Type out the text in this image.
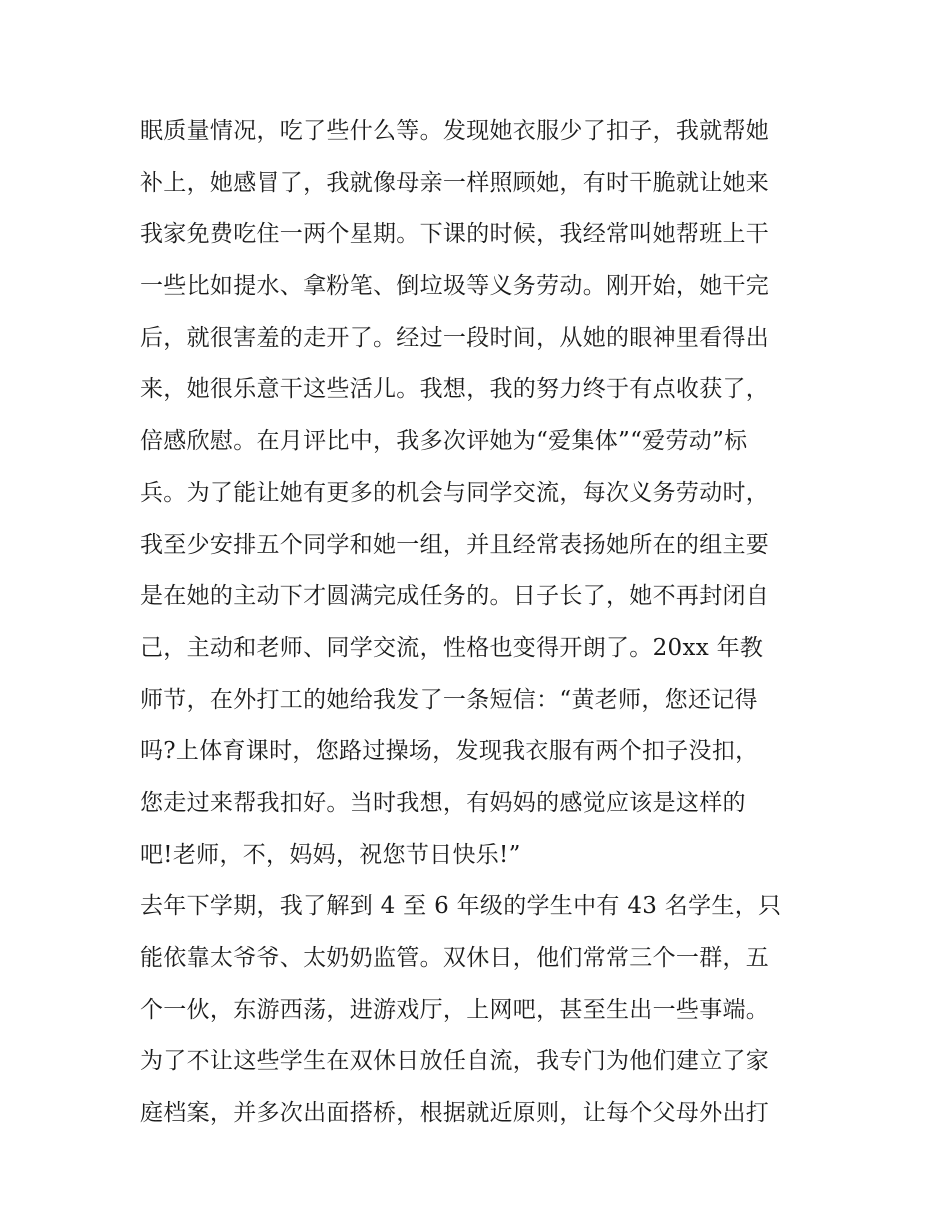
眠质量情况，吃了些什么等。发现她衣服少了扣子，我就帮她
补上，她感冒了，我就像母亲一样照顾她，有时干脆就让她来
我家免费吃住一两个星期。下课的时候，我经常叫她帮班上干
一些比如提水、拿粉笔、倒垃圾等义务劳动。刚开始，她干完
后，就很害羞的走开了。经过一段时间，从她的眼神里看得出
来，她很乐意干这些活儿。我想，我的努力终于有点收获了，
倍感欣慰。在月评比中，我多次评她为“爱集体”“爱劳动”标
兵。为了能让她有更多的机会与同学交流，每次义务劳动时，
我至少安排五个同学和她一组，并且经常表扬她所在的组主要
是在她的主动下才圆满完成任务的。日子长了，她不再封闭自
己，主动和老师、同学交流，性格也变得开朗了。20xx 年教
师节，在外打工的她给我发了一条短信：“黄老师，您还记得
吗?上体育课时，您路过操场，发现我衣服有两个扣子没扣，
您走过来帮我扣好。当时我想，有妈妈的感觉应该是这样的
吧!老师，不，妈妈，祝您节日快乐!”
去年下学期，我了解到 4 至 6 年级的学生中有 43 名学生，只
能依靠太爷爷、太奶奶监管。双休日，他们常常三个一群，五
个一伙，东游西荡，进游戏厅，上网吧，甚至生出一些事端。
为了不让这些学生在双休日放任自流，我专门为他们建立了家
庭档案，并多次出面搭桥，根据就近原则，让每个父母外出打
